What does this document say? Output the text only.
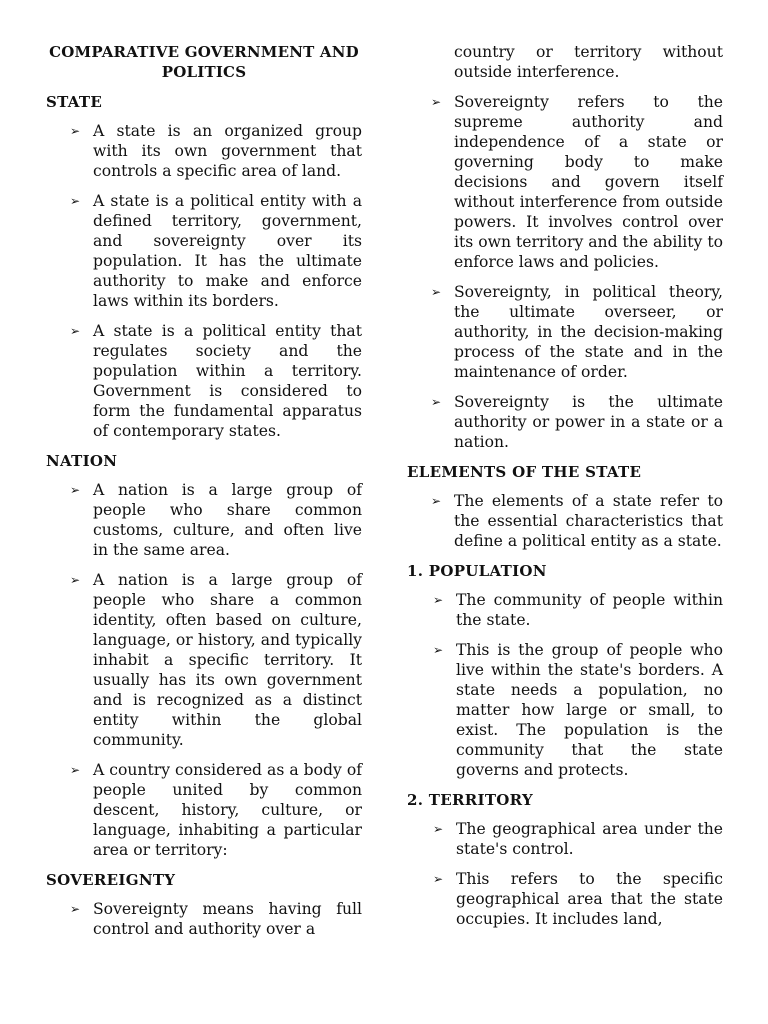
COMPARATIVE GOVERNMENT AND POLITICS
STATE
➢ A state is an organized group with its own government that controls a specific area of land.
➢ A state is a political entity with a defined territory, government, and sovereignty over its population. It has the ultimate authority to make and enforce laws within its borders.
➢ A state is a political entity that regulates society and the population within a territory. Government is considered to form the fundamental apparatus of contemporary states.
NATION
➢ A nation is a large group of people who share common customs, culture, and often live in the same area.
➢ A nation is a large group of people who share a common identity, often based on culture, language, or history, and typically inhabit a specific territory. It usually has its own government and is recognized as a distinct entity within the global community.
➢ A country considered as a body of people united by common descent, history, culture, or language, inhabiting a particular area or territory:
SOVEREIGNTY
➢ Sovereignty means having full control and authority over a
country or territory without outside interference.
➢ Sovereignty refers to the supreme authority and independence of a state or governing body to make decisions and govern itself without interference from outside powers. It involves control over its own territory and the ability to enforce laws and policies.
➢ Sovereignty, in political theory, the ultimate overseer, or authority, in the decision-making process of the state and in the maintenance of order.
➢ Sovereignty is the ultimate authority or power in a state or a nation.
ELEMENTS OF THE STATE
➢ The elements of a state refer to the essential characteristics that define a political entity as a state.
1. POPULATION
➢ The community of people within the state.
➢ This is the group of people who live within the state's borders. A state needs a population, no matter how large or small, to exist. The population is the community that the state governs and protects.
2. TERRITORY
➢ The geographical area under the state's control.
➢ This refers to the specific geographical area that the state occupies. It includes land,
